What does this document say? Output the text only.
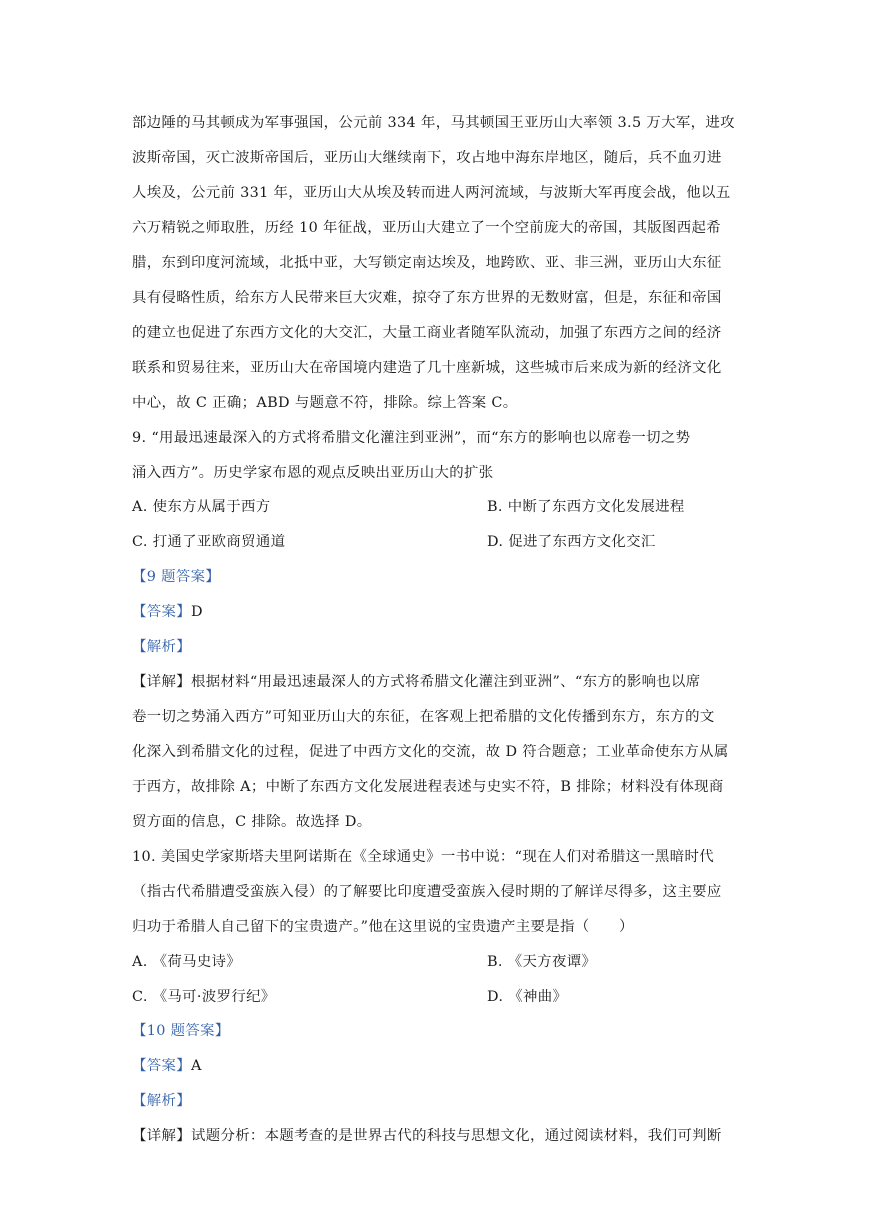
部边陲的马其顿成为军事强国，公元前 334 年，马其顿国王亚历山大率领 3.5 万大军，进攻
波斯帝国，灭亡波斯帝国后，亚历山大继续南下，攻占地中海东岸地区，随后，兵不血刃进
人埃及，公元前 331 年，亚历山大从埃及转而进人两河流域，与波斯大军再度会战，他以五
六万精锐之师取胜，历经 10 年征战，亚历山大建立了一个空前庞大的帝国，其版图西起希
腊，东到印度河流域，北抵中亚，大写锁定南达埃及，地跨欧、亚、非三洲，亚历山大东征
具有侵略性质，给东方人民带来巨大灾难，掠夺了东方世界的无数财富，但是，东征和帝国
的建立也促进了东西方文化的大交汇，大量工商业者随军队流动，加强了东西方之间的经济
联系和贸易往来，亚历山大在帝国境内建造了几十座新城，这些城市后来成为新的经济文化
中心，故 C 正确；ABD 与题意不符，排除。综上答案 C。
9. “用最迅速最深入的方式将希腊文化灌注到亚洲”，而“东方的影响也以席卷一切之势
涌入西方”。历史学家布恩的观点反映出亚历山大的扩张
A. 使东方从属于西方	B. 中断了东西方文化发展进程
C. 打通了亚欧商贸通道	D. 促进了东西方文化交汇
【9 题答案】
【答案】D
【解析】
【详解】根据材料“用最迅速最深人的方式将希腊文化灌注到亚洲”、“东方的影响也以席
卷一切之势涌入西方”可知亚历山大的东征，在客观上把希腊的文化传播到东方，东方的文
化深入到希腊文化的过程，促进了中西方文化的交流，故 D 符合题意；工业革命使东方从属
于西方，故排除 A；中断了东西方文化发展进程表述与史实不符，B 排除；材料没有体现商
贸方面的信息，C 排除。故选择 D。
10. 美国史学家斯塔夫里阿诺斯在《全球通史》一书中说：“现在人们对希腊这一黑暗时代
（指古代希腊遭受蛮族入侵）的了解要比印度遭受蛮族入侵时期的了解详尽得多，这主要应
归功于希腊人自己留下的宝贵遗产。”他在这里说的宝贵遗产主要是指（　　）
A. 《荷马史诗》	B. 《天方夜谭》
C. 《马可·波罗行纪》	D. 《神曲》
【10 题答案】
【答案】A
【解析】
【详解】试题分析：本题考查的是世界古代的科技与思想文化，通过阅读材料，我们可判断
